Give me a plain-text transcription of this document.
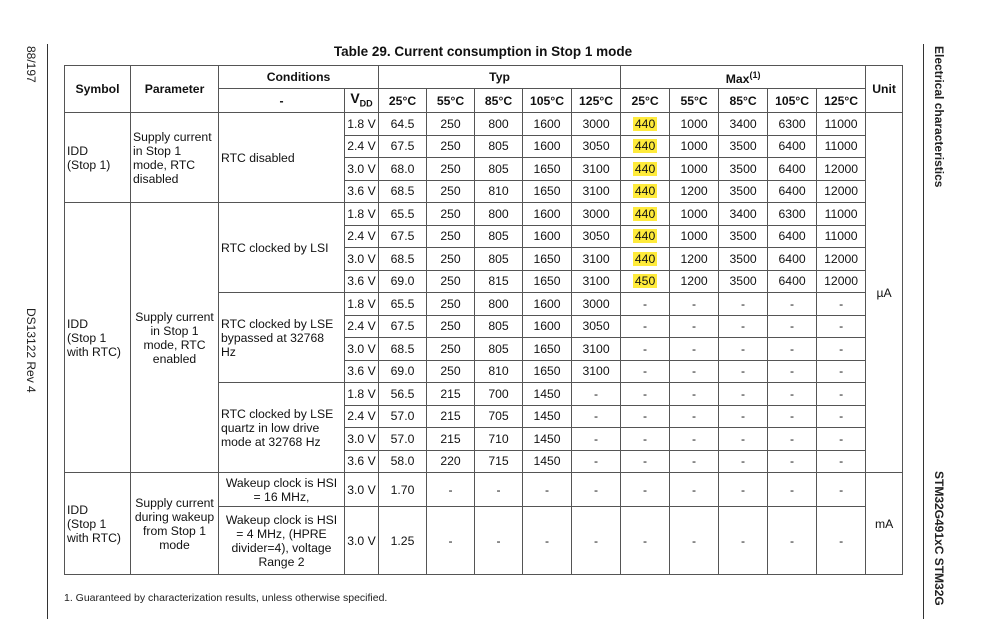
88/197
DS13122 Rev 4
Electrical characteristics
STM32G491xC STM32G
Table 29. Current consumption in Stop 1 mode
Symbol	Parameter	Conditions		Typ					Max$^{(1)}$					Unit
		-	$V_{DD}$	25°C	55°C	85°C	105°C	125°C	25°C	55°C	85°C	105°C	125°C	
IDD
(Stop 1)	Supply current in Stop 1 mode, RTC disabled	RTC disabled	1.8 V	64.5	250	800	1600	3000	440	1000	3400	6300	11000	µA
			2.4 V	67.5	250	805	1600	3050	440	1000	3500	6400	11000	
			3.0 V	68.0	250	805	1650	3100	440	1000	3500	6400	12000	
			3.6 V	68.5	250	810	1650	3100	440	1200	3500	6400	12000	
IDD
(Stop 1
with RTC)	Supply current in Stop 1 mode, RTC enabled	RTC clocked by LSI	1.8 V	65.5	250	800	1600	3000	440	1000	3400	6300	11000	
			2.4 V	67.5	250	805	1600	3050	440	1000	3500	6400	11000	
			3.0 V	68.5	250	805	1650	3100	440	1200	3500	6400	12000	
			3.6 V	69.0	250	815	1650	3100	450	1200	3500	6400	12000	
		RTC clocked by LSE bypassed at 32768 Hz	1.8 V	65.5	250	800	1600	3000	-	-	-	-	-	
			2.4 V	67.5	250	805	1600	3050	-	-	-	-	-	
			3.0 V	68.5	250	805	1650	3100	-	-	-	-	-	
			3.6 V	69.0	250	810	1650	3100	-	-	-	-	-	
		RTC clocked by LSE quartz in low drive mode at 32768 Hz	1.8 V	56.5	215	700	1450	-	-	-	-	-	-	
			2.4 V	57.0	215	705	1450	-	-	-	-	-	-	
			3.0 V	57.0	215	710	1450	-	-	-	-	-	-	
			3.6 V	58.0	220	715	1450	-	-	-	-	-	-	
IDD
(Stop 1
with RTC)	Supply current during wakeup from Stop 1 mode	Wakeup clock is HSI = 16 MHz,	3.0 V	1.70	-	-	-	-	-	-	-	-	-	mA
		Wakeup clock is HSI = 4 MHz, (HPRE divider=4), voltage Range 2	3.0 V	1.25	-	-	-	-	-	-	-	-	-	
1. Guaranteed by characterization results, unless otherwise specified.
